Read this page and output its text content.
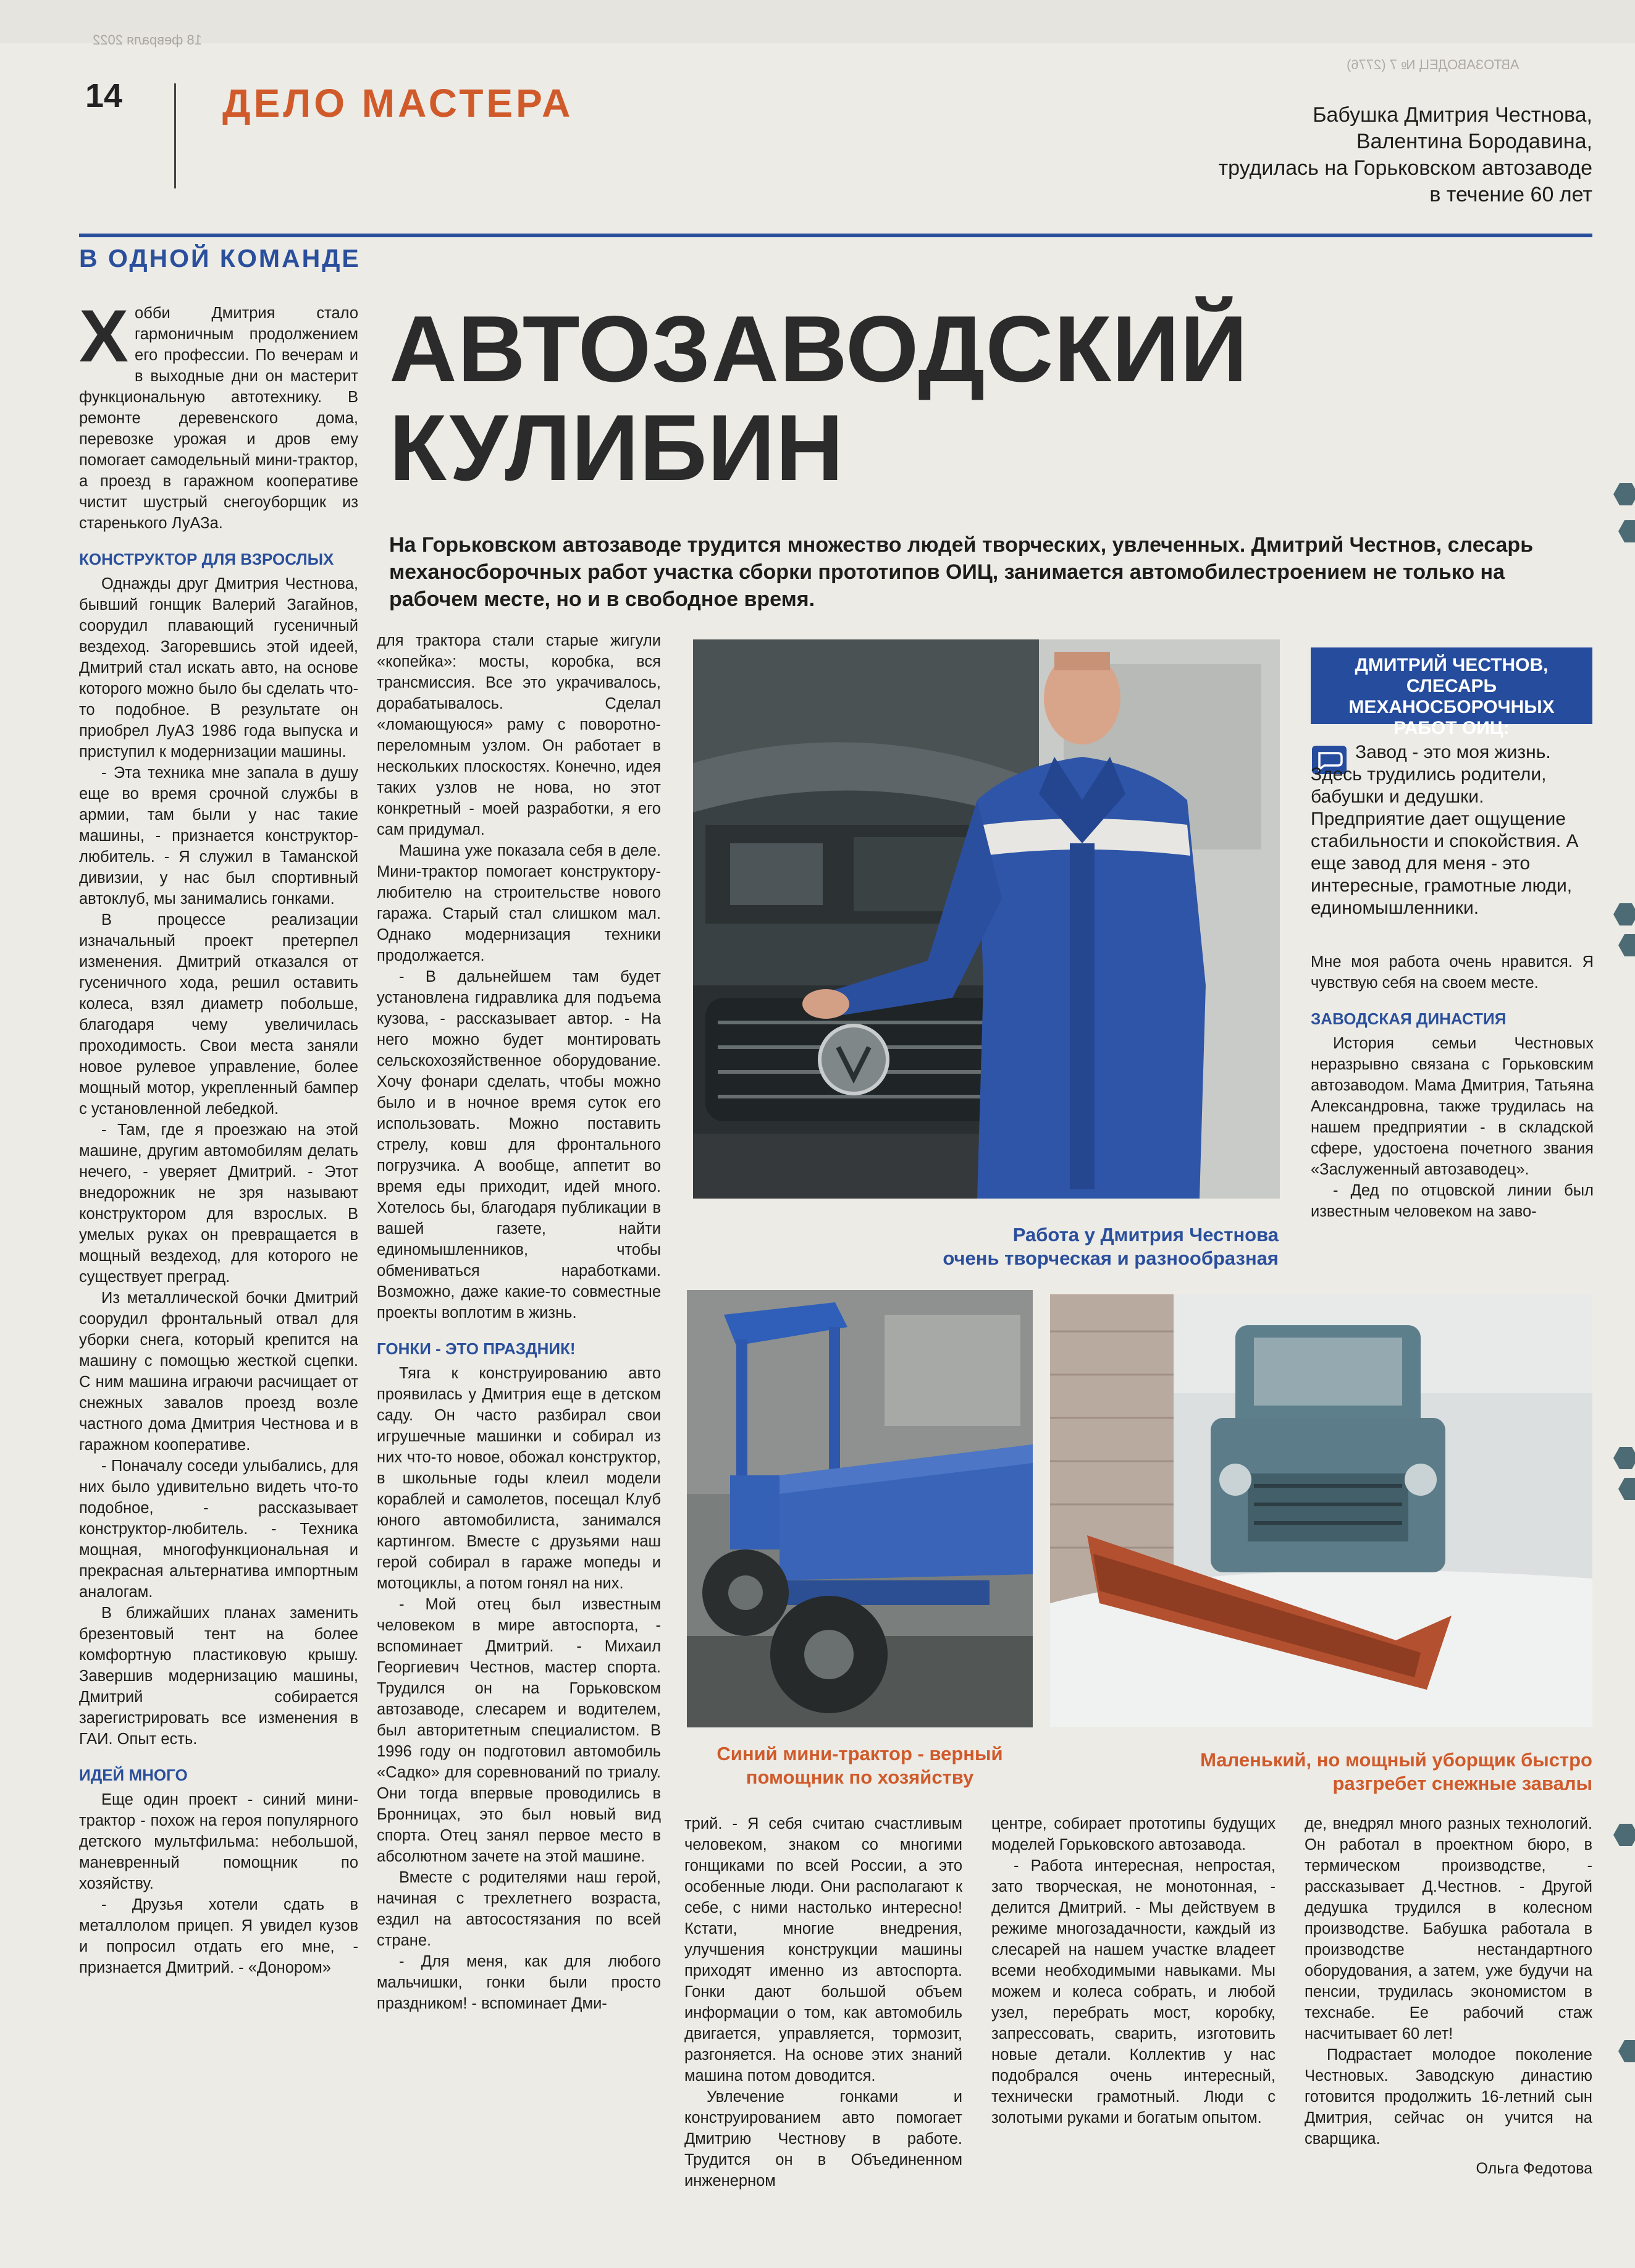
18 февраля 2022
АВТОЗАВОДЕЦ № 7 (2776)
14	ДЕЛО МАСТЕРА	Бабушка Дмитрия Честнова,
Валентина Бородавина,
трудилась на Горьковском автозаводе
в течение 60 лет
В ОДНОЙ КОМАНДЕ
АВТОЗАВОДСКИЙ
КУЛИБИН
На Горьковском автозаводе трудится множество людей творческих, увлеченных. Дмитрий Честнов, слесарь механосборочных работ участка сборки прототипов ОИЦ, занимается автомобилестроением не только на рабочем месте, но и в свободное время.
Х обби Дмитрия стало гармоничным продолжением его профессии. По вечерам и в выходные дни он мастерит функциональную автотехнику. В ремонте деревенского дома, перевозке урожая и дров ему помогает самодельный мини-трактор, а проезд в гаражном кооперативе чистит шустрый снегоуборщик из старенького ЛуАЗа.

КОНСТРУКТОР ДЛЯ ВЗРОСЛЫХ

Однажды друг Дмитрия Честнова, бывший гонщик Валерий Загайнов, соорудил плавающий гусеничный вездеход. Загоревшись этой идеей, Дмитрий стал искать авто, на основе которого можно было бы сделать что-то подобное. В результате он приобрел ЛуАЗ 1986 года выпуска и приступил к модернизации машины.

- Эта техника мне запала в душу еще во время срочной службы в армии, там были у нас такие машины, - признается конструктор-любитель. - Я служил в Таманской дивизии, у нас был спортивный автоклуб, мы занимались гонками.

В процессе реализации изначальный проект претерпел изменения. Дмитрий отказался от гусеничного хода, решил оставить колеса, взял диаметр побольше, благодаря чему увеличилась проходимость. Свои места заняли новое рулевое управление, более мощный мотор, укрепленный бампер с установленной лебедкой.

- Там, где я проезжаю на этой машине, другим автомобилям делать нечего, - уверяет Дмитрий. - Этот внедорожник не зря называют конструктором для взрослых. В умелых руках он превращается в мощный вездеход, для которого не существует преград.

Из металлической бочки Дмитрий соорудил фронтальный отвал для уборки снега, который крепится на машину с помощью жесткой сцепки. С ним машина играючи расчищает от снежных завалов проезд возле частного дома Дмитрия Честнова и в гаражном кооперативе.

- Поначалу соседи улыбались, для них было удивительно видеть что-то подобное, - рассказывает конструктор-любитель. - Техника мощная, многофункциональная и прекрасная альтернатива импортным аналогам.

В ближайших планах заменить брезентовый тент на более комфортную пластиковую крышу. Завершив модернизацию машины, Дмитрий собирается зарегистрировать все изменения в ГАИ. Опыт есть.

ИДЕЙ МНОГО

Еще один проект - синий мини-трактор - похож на героя популярного детского мультфильма: небольшой, маневренный помощник по хозяйству.

- Друзья хотели сдать в металлолом прицеп. Я увидел кузов и попросил отдать его мне, - признается Дмитрий. - «Донором»

для трактора стали старые жигули «копейка»: мосты, коробка, вся трансмиссия. Все это украчивалось, дорабатывалось. Сделал «ломающуюся» раму с поворотно-переломным узлом. Он работает в нескольких плоскостях. Конечно, идея таких узлов не нова, но этот конкретный - моей разработки, я его сам придумал.

Машина уже показала себя в деле. Мини-трактор помогает конструктору-любителю на строительстве нового гаража. Старый стал слишком мал. Однако модернизация техники продолжается.

- В дальнейшем там будет установлена гидравлика для подъема кузова, - рассказывает автор. - На него можно будет монтировать сельскохозяйственное оборудование. Хочу фонари сделать, чтобы можно было и в ночное время суток его использовать. Можно поставить стрелу, ковш для фронтального погрузчика. А вообще, аппетит во время еды приходит, идей много. Хотелось бы, благодаря публикации в вашей газете, найти единомышленников, чтобы обмениваться наработками. Возможно, даже какие-то совместные проекты воплотим в жизнь.

ГОНКИ - ЭТО ПРАЗДНИК!

Тяга к конструированию авто проявилась у Дмитрия еще в детском саду. Он часто разбирал свои игрушечные машинки и собирал из них что-то новое, обожал конструктор, в школьные годы клеил модели кораблей и самолетов, посещал Клуб юного автомобилиста, занимался картингом. Вместе с друзьями наш герой собирал в гараже мопеды и мотоциклы, а потом гонял на них.

- Мой отец был известным человеком в мире автоспорта, - вспоминает Дмитрий. - Михаил Георгиевич Честнов, мастер спорта. Трудился он на Горьковском автозаводе, слесарем и водителем, был авторитетным специалистом. В 1996 году он подготовил автомобиль «Садко» для соревнований по триалу. Они тогда впервые проводились в Бронницах, это был новый вид спорта. Отец занял первое место в абсолютном зачете на этой машине.

Вместе с родителями наш герой, начиная с трехлетнего возраста, ездил на автосостязания по всей стране.

- Для меня, как для любого мальчишки, гонки были просто праздником! - вспоминает Дми-

Работа у Дмитрия Честнова
очень творческая и разнообразная
ДМИТРИЙ ЧЕСТНОВ, СЛЕСАРЬ МЕХАНОСБОРОЧНЫХ РАБОТ ОИЦ:
Завод - это моя жизнь. Здесь трудились родители, бабушки и дедушки. Предприятие дает ощущение стабильности и спокойствия. А еще завод для меня - это интересные, грамотные люди, единомышленники.

Мне моя работа очень нравится. Я чувствую себя на своем месте.

ЗАВОДСКАЯ ДИНАСТИЯ

История семьи Честновых неразрывно связана с Горьковским автозаводом. Мама Дмитрия, Татьяна Александровна, также трудилась на нашем предприятии - в складской сфере, удостоена почетного звания «Заслуженный автозаводец».

- Дед по отцовской линии был известным человеком на заво-

Синий мини-трактор - верный
помощник по хозяйству
Маленький, но мощный уборщик быстро
разгребет снежные завалы

трий. - Я себя считаю счастливым человеком, знаком со многими гонщиками по всей России, а это особенные люди. Они располагают к себе, с ними настолько интересно! Кстати, многие внедрения, улучшения конструкции машины приходят именно из автоспорта. Гонки дают большой объем информации о том, как автомобиль двигается, управляется, тормозит, разгоняется. На основе этих знаний машина потом доводится.

Увлечение гонками и конструированием авто помогает Дмитрию Честнову в работе. Трудится он в Объединенном инженерном

центре, собирает прототипы будущих моделей Горьковского автозавода.

- Работа интересная, непростая, зато творческая, не монотонная, - делится Дмитрий. - Мы действуем в режиме многозадачности, каждый из слесарей на нашем участке владеет всеми необходимыми навыками. Мы можем и колеса собрать, и любой узел, перебрать мост, коробку, запрессовать, сварить, изготовить новые детали. Коллектив у нас подобрался очень интересный, технически грамотный. Люди с золотыми руками и богатым опытом.

де, внедрял много разных технологий. Он работал в проектном бюро, в термическом производстве, - рассказывает Д.Честнов. - Другой дедушка трудился в колесном производстве. Бабушка работала в производстве нестандартного оборудования, а затем, уже будучи на пенсии, трудилась экономистом в техснабе. Ее рабочий стаж насчитывает 60 лет!

Подрастает молодое поколение Честновых. Заводскую династию готовится продолжить 16-летний сын Дмитрия, сейчас он учится на сварщика.

Ольга Федотова
